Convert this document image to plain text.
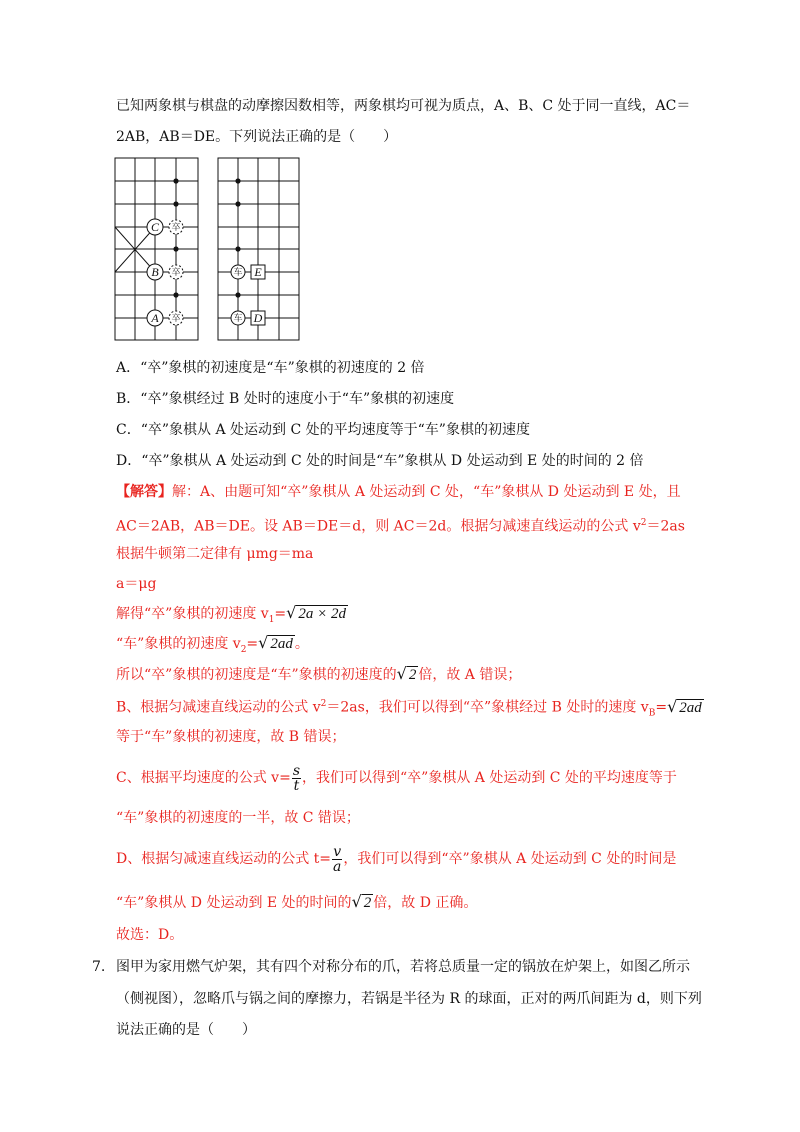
已知两象棋与棋盘的动摩擦因数相等，两象棋均可视为质点，A、B、C 处于同一直线，AC＝
2AB，AB＝DE。下列说法正确的是（　　）
卒
卒
卒
C
B
A
车
车
E
D
A．“卒”象棋的初速度是“车”象棋的初速度的 2 倍
B．“卒”象棋经过 B 处时的速度小于“车”象棋的初速度
C．“卒”象棋从 A 处运动到 C 处的平均速度等于“车”象棋的初速度
D．“卒”象棋从 A 处运动到 C 处的时间是“车”象棋从 D 处运动到 E 处的时间的 2 倍
【解答】解：A、由题可知“卒”象棋从 A 处运动到 C 处，“车”象棋从 D 处运动到 E 处，且
AC＝2AB，AB＝DE。设 AB＝DE＝d，则 AC＝2d。根据匀减速直线运动的公式 $v^2=2as$
根据牛顿第二定律有 μmg＝ma
a＝μg
解得“卒”象棋的初速度 $v_1=√$ 2a × 2d
“车”象棋的初速度 $v_2=√$ 2ad 。
所以“卒”象棋的初速度是“车”象棋的初速度的√ 2 倍，故 A 错误；
B、根据匀减速直线运动的公式 $v^2=2as$，我们可以得到“卒”象棋经过 B 处时的速度 $v_B=√$ 2ad
等于“车”象棋的初速度，故 B 错误；
C、根据平均速度的公式 $v= \frac{s}{t}$ ，我们可以得到“卒”象棋从 A 处运动到 C 处的平均速度等于
“车”象棋的初速度的一半，故 C 错误；
D、根据匀减速直线运动的公式 $t= \frac{v}{a}$ ，我们可以得到“卒”象棋从 A 处运动到 C 处的时间是
“车”象棋从 D 处运动到 E 处的时间的√ 2 倍，故 D 正确。
故选：D。
7. 图甲为家用燃气炉架，其有四个对称分布的爪，若将总质量一定的锅放在炉架上，如图乙所示
（侧视图），忽略爪与锅之间的摩擦力，若锅是半径为 R 的球面，正对的两爪间距为 d，则下列
说法正确的是（　　）
